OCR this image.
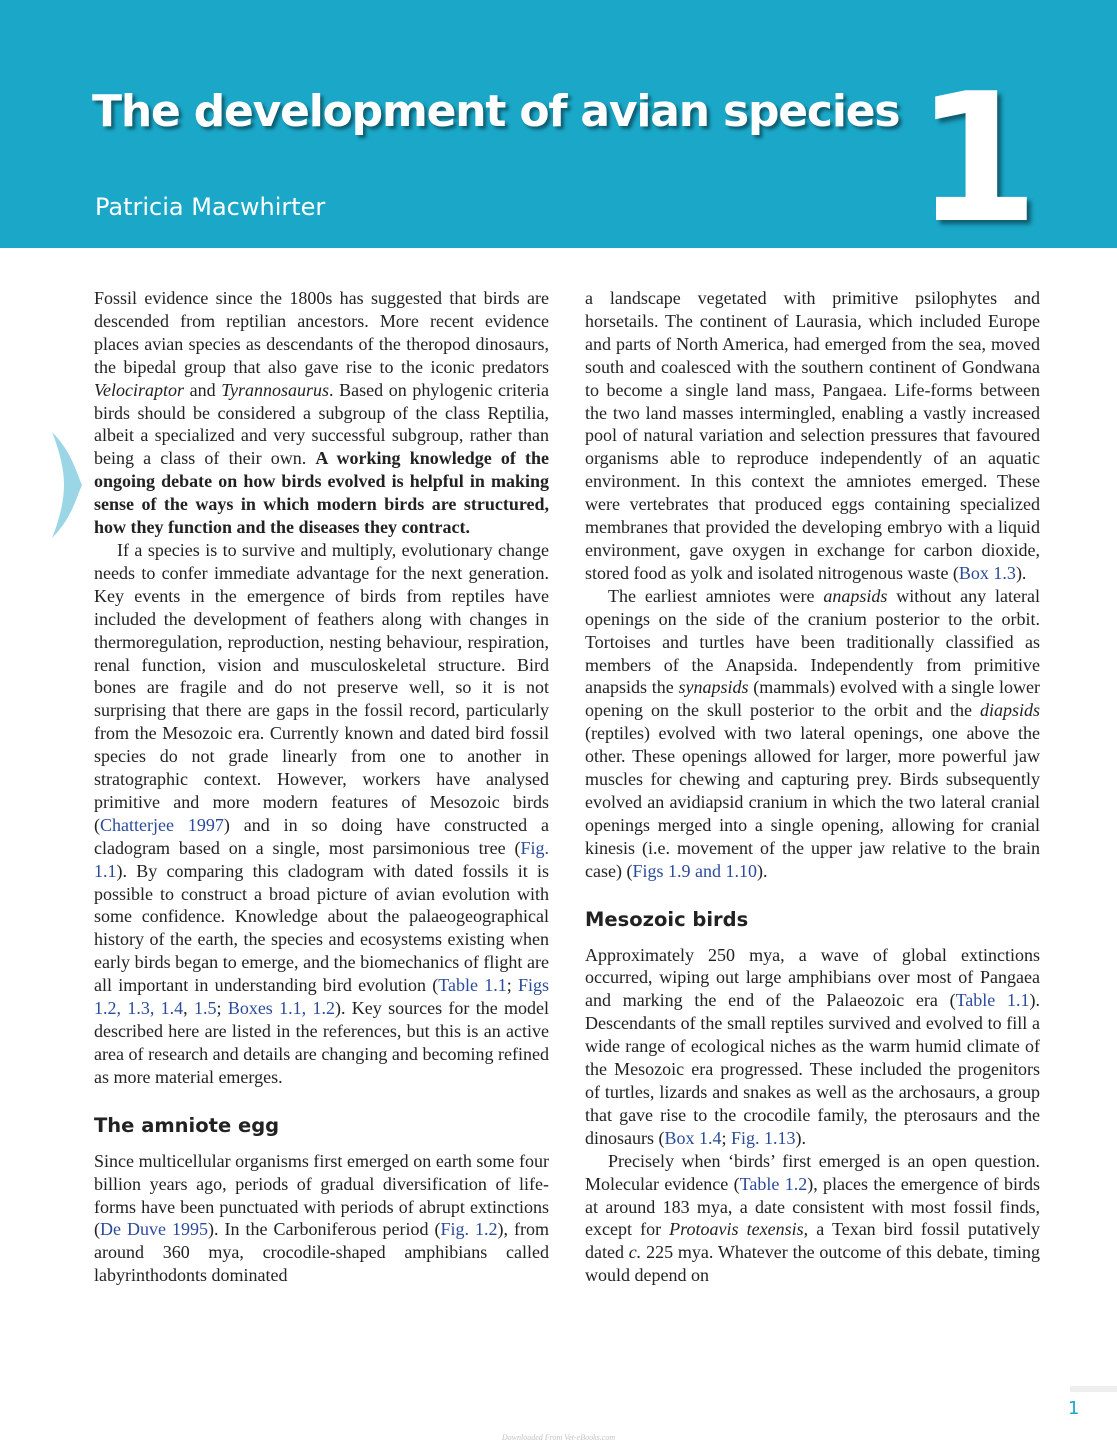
The development of avian species
Patricia Macwhirter	1

Fossil evidence since the 1800s has suggested that birds are descended from reptilian ancestors. More recent evidence places avian species as descendants of the theropod dinosaurs, the bipedal group that also gave rise to the iconic predators Velociraptor and Tyrannosaurus. Based on phylogenic criteria birds should be considered a subgroup of the class Reptilia, albeit a specialized and very successful subgroup, rather than being a class of their own. A working knowledge of the ongoing debate on how birds evolved is helpful in making sense of the ways in which modern birds are structured, how they function and the diseases they contract.

If a species is to survive and multiply, evolutionary change needs to confer immediate advantage for the next generation. Key events in the emergence of birds from reptiles have included the development of feathers along with changes in thermoregulation, reproduction, nesting behaviour, respiration, renal function, vision and musculoskeletal structure. Bird bones are fragile and do not preserve well, so it is not surprising that there are gaps in the fossil record, particularly from the Mesozoic era. Currently known and dated bird fossil species do not grade linearly from one to another in stratographic context. However, workers have analysed primitive and more modern features of Mesozoic birds (Chatterjee 1997) and in so doing have constructed a cladogram based on a single, most parsimonious tree (Fig. 1.1). By comparing this cladogram with dated fossils it is possible to construct a broad picture of avian evolution with some confidence. Knowledge about the palaeogeographical history of the earth, the species and ecosystems existing when early birds began to emerge, and the biomechanics of flight are all important in understanding bird evolution (Table 1.1; Figs 1.2, 1.3, 1.4, 1.5; Boxes 1.1, 1.2). Key sources for the model described here are listed in the references, but this is an active area of research and details are changing and becoming refined as more material emerges.

The amniote egg

Since multicellular organisms first emerged on earth some four billion years ago, periods of gradual diversification of life-forms have been punctuated with periods of abrupt extinctions (De Duve 1995). In the Carboniferous period (Fig. 1.2), from around 360 mya, crocodile-shaped amphibians called labyrinthodonts dominated

a landscape vegetated with primitive psilophytes and horsetails. The continent of Laurasia, which included Europe and parts of North America, had emerged from the sea, moved south and coalesced with the southern continent of Gondwana to become a single land mass, Pangaea. Life-forms between the two land masses intermingled, enabling a vastly increased pool of natural variation and selection pressures that favoured organisms able to reproduce independently of an aquatic environment. In this context the amniotes emerged. These were vertebrates that produced eggs containing specialized membranes that provided the developing embryo with a liquid environment, gave oxygen in exchange for carbon dioxide, stored food as yolk and isolated nitrogenous waste (Box 1.3).

The earliest amniotes were anapsids without any lateral openings on the side of the cranium posterior to the orbit. Tortoises and turtles have been traditionally classified as members of the Anapsida. Independently from primitive anapsids the synapsids (mammals) evolved with a single lower opening on the skull posterior to the orbit and the diapsids (reptiles) evolved with two lateral openings, one above the other. These openings allowed for larger, more powerful jaw muscles for chewing and capturing prey. Birds subsequently evolved an avidiapsid cranium in which the two lateral cranial openings merged into a single opening, allowing for cranial kinesis (i.e. movement of the upper jaw relative to the brain case) (Figs 1.9 and 1.10).

Mesozoic birds

Approximately 250 mya, a wave of global extinctions occurred, wiping out large amphibians over most of Pangaea and marking the end of the Palaeozoic era (Table 1.1). Descendants of the small reptiles survived and evolved to fill a wide range of ecological niches as the warm humid climate of the Mesozoic era progressed. These included the progenitors of turtles, lizards and snakes as well as the archosaurs, a group that gave rise to the crocodile family, the pterosaurs and the dinosaurs (Box 1.4; Fig. 1.13).

Precisely when ‘birds’ first emerged is an open question. Molecular evidence (Table 1.2), places the emergence of birds at around 183 mya, a date consistent with most fossil finds, except for Protoavis texensis, a Texan bird fossil putatively dated c. 225 mya. Whatever the outcome of this debate, timing would depend on

1
Downloaded From Vet-eBooks.com
